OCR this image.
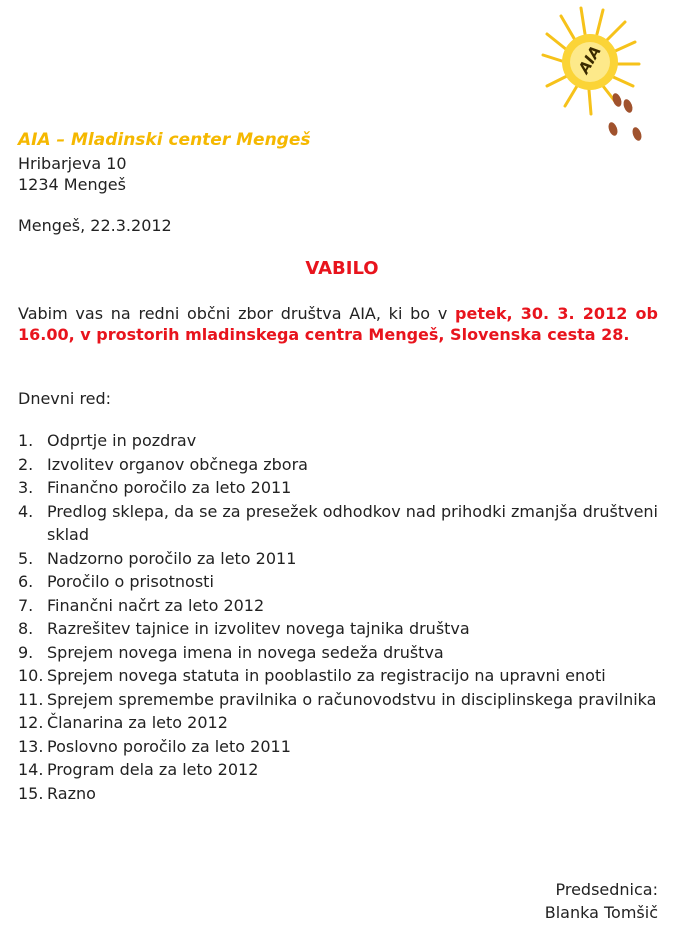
AIA
AIA – Mladinski center Mengeš
Hribarjeva 10
1234 Mengeš
Mengeš, 22.3.2012
VABILO
Vabim vas na redni občni zbor društva AIA, ki bo v petek, 30. 3. 2012 ob 16.00, v prostorih mladinskega centra Mengeš, Slovenska cesta 28.
Dnevni red:
1. Odprtje in pozdrav
2. Izvolitev organov občnega zbora
3. Finančno poročilo za leto 2011
4. Predlog sklepa, da se za presežek odhodkov nad prihodki zmanjša društveni sklad
5. Nadzorno poročilo za leto 2011
6. Poročilo o prisotnosti
7. Finančni načrt za leto 2012
8. Razrešitev tajnice in izvolitev novega tajnika društva
9. Sprejem novega imena in novega sedeža društva
10. Sprejem novega statuta in pooblastilo za registracijo na upravni enoti
11. Sprejem spremembe pravilnika o računovodstvu in disciplinskega pravilnika
12. Članarina za leto 2012
13. Poslovno poročilo za leto 2011
14. Program dela za leto 2012
15. Razno
Predsednica:
Blanka Tomšič
